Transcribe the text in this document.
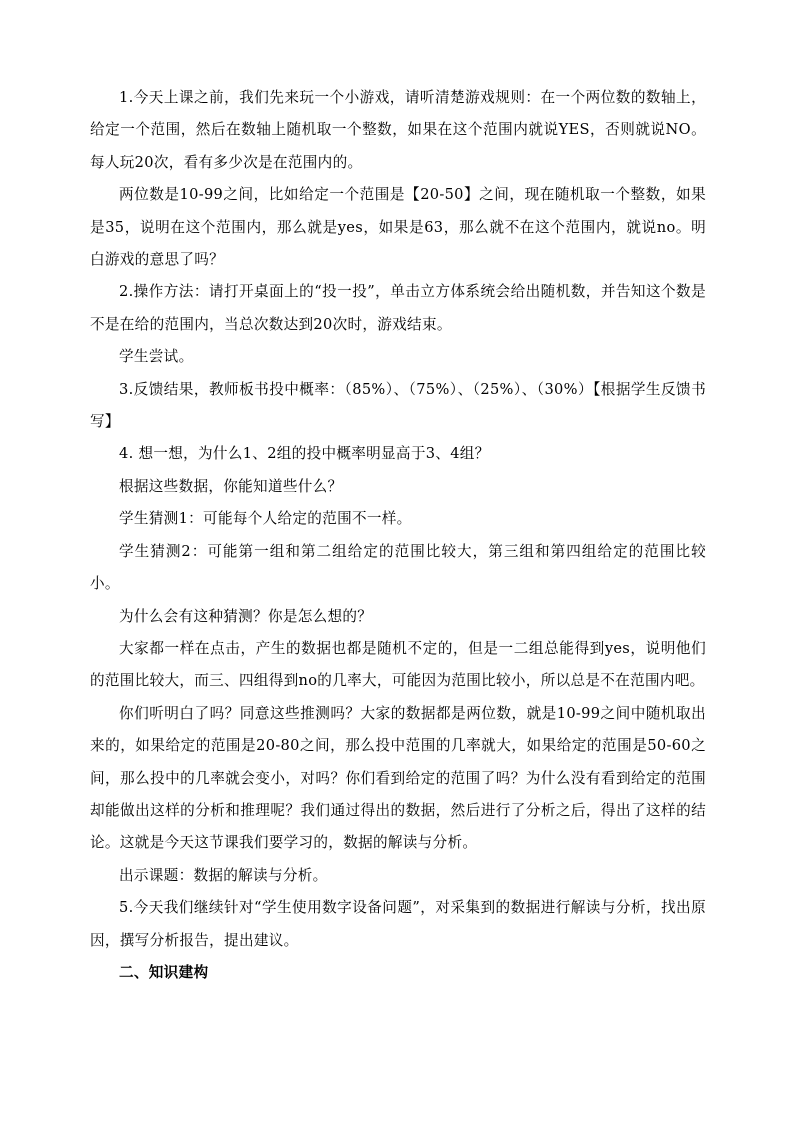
1.今天上课之前，我们先来玩一个小游戏，请听清楚游戏规则：在一个两位数的数轴上，给定一个范围，然后在数轴上随机取一个整数，如果在这个范围内就说YES，否则就说NO。每人玩20次，看有多少次是在范围内的。

两位数是10-99之间，比如给定一个范围是【20-50】之间，现在随机取一个整数，如果是35，说明在这个范围内，那么就是yes，如果是63，那么就不在这个范围内，就说no。明白游戏的意思了吗？

2.操作方法：请打开桌面上的“投一投”，单击立方体系统会给出随机数，并告知这个数是不是在给的范围内，当总次数达到20次时，游戏结束。

学生尝试。

3.反馈结果，教师板书投中概率：（85%）、（75%）、（25%）、（30%）【根据学生反馈书写】

4. 想一想，为什么1、2组的投中概率明显高于3、4组？

根据这些数据，你能知道些什么？

学生猜测1：可能每个人给定的范围不一样。

学生猜测2：可能第一组和第二组给定的范围比较大，第三组和第四组给定的范围比较小。

为什么会有这种猜测？你是怎么想的？

大家都一样在点击，产生的数据也都是随机不定的，但是一二组总能得到yes，说明他们的范围比较大，而三、四组得到no的几率大，可能因为范围比较小，所以总是不在范围内吧。

你们听明白了吗？同意这些推测吗？大家的数据都是两位数，就是10-99之间中随机取出来的，如果给定的范围是20-80之间，那么投中范围的几率就大，如果给定的范围是50-60之间，那么投中的几率就会变小，对吗？你们看到给定的范围了吗？为什么没有看到给定的范围却能做出这样的分析和推理呢？我们通过得出的数据，然后进行了分析之后，得出了这样的结论。这就是今天这节课我们要学习的，数据的解读与分析。

出示课题：数据的解读与分析。

5.今天我们继续针对“学生使用数字设备问题”，对采集到的数据进行解读与分析，找出原因，撰写分析报告，提出建议。

二、知识建构
